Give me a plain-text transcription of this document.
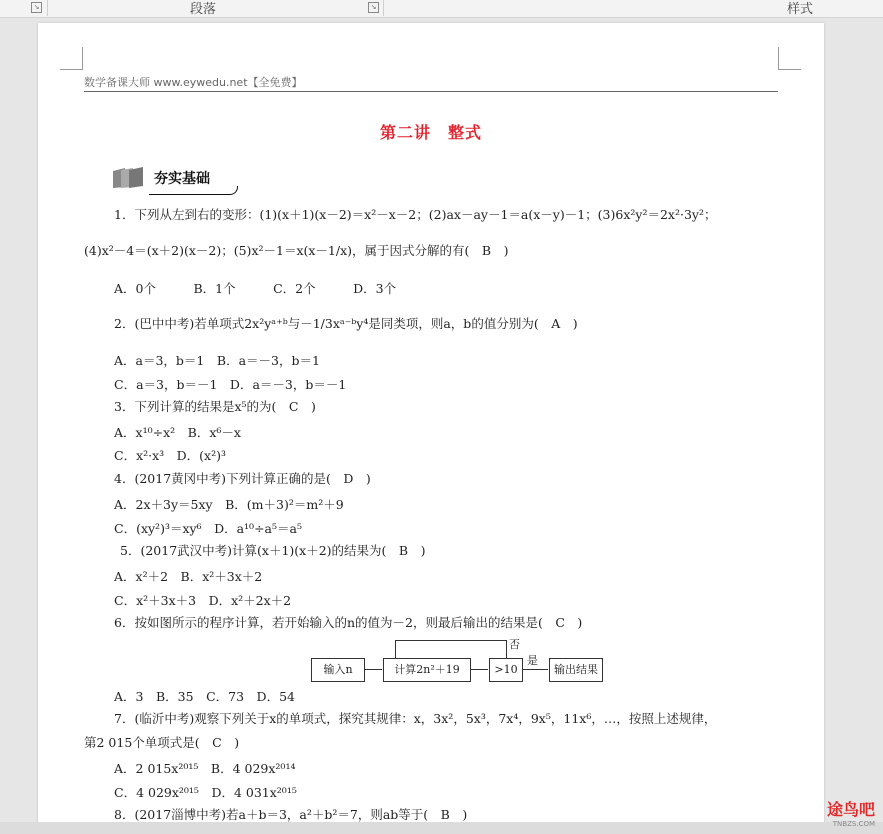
↘	段落	↘	样式
数学备课大师 www.eywedu.net【全免费】
第二讲　整式
夯实基础
1．下列从左到右的变形：(1)(x＋1)(x－2)＝x²－x－2；(2)ax－ay－1＝a(x－y)－1；(3)6x²y²＝2x²·3y²；
(4)x²－4＝(x＋2)(x－2)；(5)x²－1＝x(x－1/x)，属于因式分解的有(　B　)
A．0个　　　B．1个　　　C．2个　　　D．3个
2．(巴中中考)若单项式2x²yᵃ⁺ᵇ与－1/3xᵃ⁻ᵇy⁴是同类项，则a，b的值分别为(　A　)
A．a＝3，b＝1　B．a＝－3，b＝1
C．a＝3，b＝－1　D．a＝－3，b＝－1
3．下列计算的结果是x⁵的为(　C　)
A．x¹⁰÷x²　B．x⁶－x
C．x²·x³　D．(x²)³
4．(2017黄冈中考)下列计算正确的是(　D　)
A．2x＋3y＝5xy　B．(m＋3)²＝m²＋9
C．(xy²)³＝xy⁶　D．a¹⁰÷a⁵＝a⁵
5．(2017武汉中考)计算(x＋1)(x＋2)的结果为(　B　)
A．x²＋2　B．x²＋3x＋2
C．x²＋3x＋3　D．x²＋2x＋2
6．按如图所示的程序计算，若开始输入的n的值为－2，则最后输出的结果是(　C　)
输入n	计算2n²＋19	>10
是
输出结果
否
A．3　B．35　C．73　D．54
7．(临沂中考)观察下列关于x的单项式，探究其规律：x，3x²，5x³，7x⁴，9x⁵，11x⁶，…，按照上述规律，
第2 015个单项式是(　C　)
A．2 015x²⁰¹⁵　B．4 029x²⁰¹⁴
C．4 029x²⁰¹⁵　D．4 031x²⁰¹⁵
8．(2017淄博中考)若a＋b＝3，a²＋b²＝7，则ab等于(　B　)	途鸟吧
TNBZS.COM
